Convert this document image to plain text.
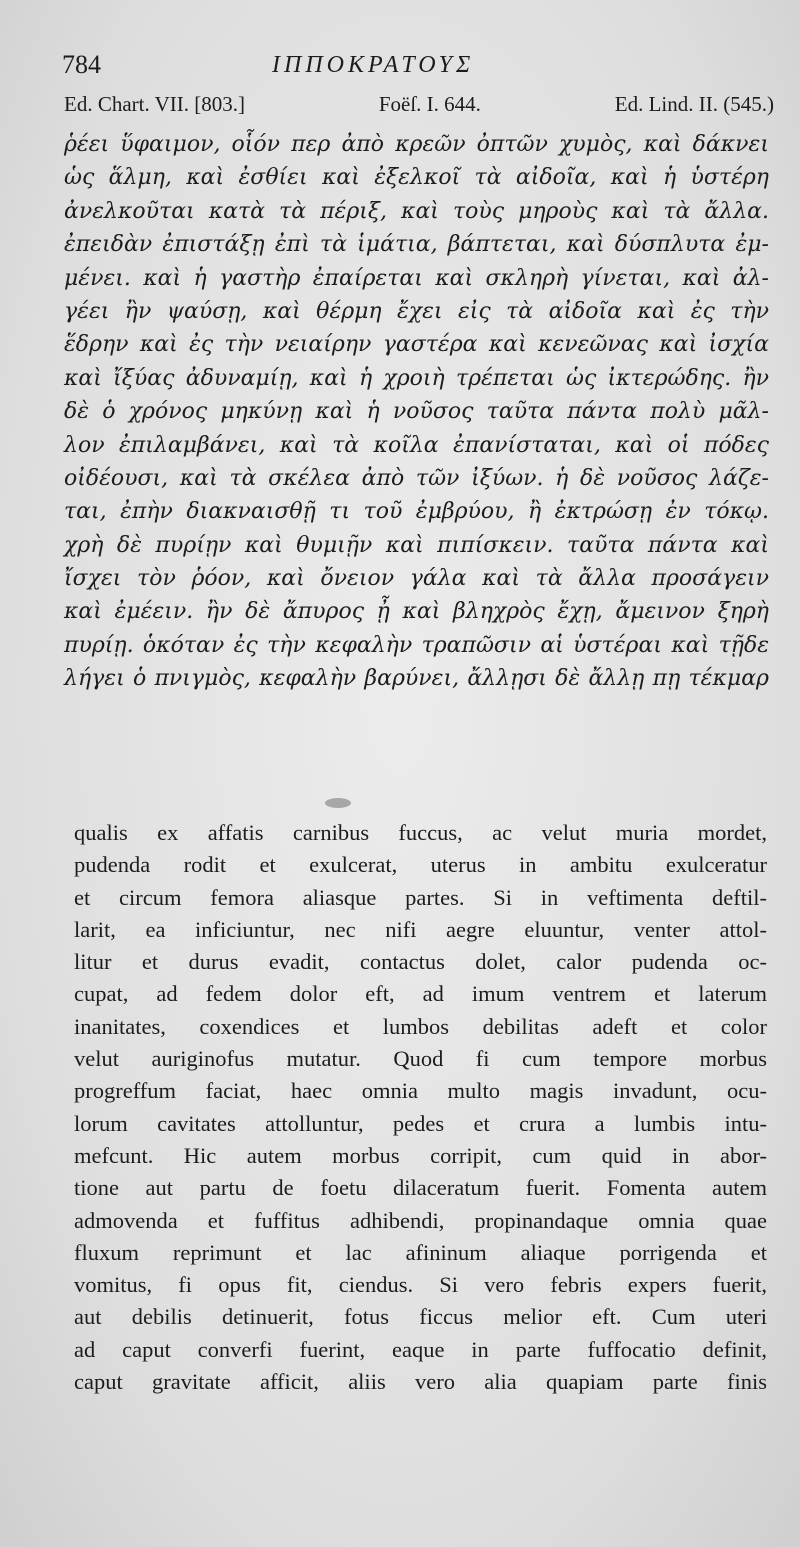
784	ΙΠΠΟΚΡΑΤΟΥΣ
Ed. Chart. VII. [803.]	Foëſ. I. 644.	Ed. Lind. II. (545.)
ῥέει ὕφαιμον, οἷόν περ ἀπὸ κρεῶν ὀπτῶν χυμὸς, καὶ δάκνει
ὡς ἅλμη, καὶ ἐσθίει καὶ ἐξελκοῖ τὰ αἰδοῖα, καὶ ἡ ὑστέρη
ἀνελκοῦται κατὰ τὰ πέριξ, καὶ τοὺς μηροὺς καὶ τὰ ἄλλα.
ἐπειδὰν ἐπιστάξῃ ἐπὶ τὰ ἱμάτια, βάπτεται, καὶ δύσπλυτα ἐμ-
μένει. καὶ ἡ γαστὴρ ἐπαίρεται καὶ σκληρὴ γίνεται, καὶ ἀλ-
γέει ἢν ψαύσῃ, καὶ θέρμη ἔχει εἰς τὰ αἰδοῖα καὶ ἐς τὴν
ἕδρην καὶ ἐς τὴν νειαίρην γαστέρα καὶ κενεῶνας καὶ ἰσχία
καὶ ἴξύας ἀδυναμίῃ, καὶ ἡ χροιὴ τρέπεται ὡς ἰκτερώδης. ἢν
δὲ ὁ χρόνος μηκύνῃ καὶ ἡ νοῦσος ταῦτα πάντα πολὺ μᾶλ-
λον ἐπιλαμβάνει, καὶ τὰ κοῖλα ἐπανίσταται, καὶ οἱ πόδες
οἰδέουσι, καὶ τὰ σκέλεα ἀπὸ τῶν ἰξύων. ἡ δὲ νοῦσος λάζε-
ται, ἐπὴν διακναισθῇ τι τοῦ ἐμβρύου, ἢ ἐκτρώσῃ ἐν τόκῳ.
χρὴ δὲ πυρίῃν καὶ θυμιῇν καὶ πιπίσκειν. ταῦτα πάντα καὶ
ἴσχει τὸν ῥόον, καὶ ὄνειον γάλα καὶ τὰ ἄλλα προσάγειν
καὶ ἐμέειν. ἢν δὲ ἄπυρος ᾖ καὶ βληχρὸς ἔχῃ, ἄμεινον ξηρὴ
πυρίῃ. ὁκόταν ἐς τὴν κεφαλὴν τραπῶσιν αἱ ὑστέραι καὶ τῇδε
λήγει ὁ πνιγμὸς, κεφαλὴν βαρύνει, ἄλλῃσι δὲ ἄλλῃ πῃ τέκμαρ
qualis ex affatis carnibus fuccus, ac velut muria mordet,
pudenda rodit et exulcerat, uterus in ambitu exulceratur
et circum femora aliasque partes. Si in veftimenta deftil-
larit, ea inficiuntur, nec nifi aegre eluuntur, venter attol-
litur et durus evadit, contactus dolet, calor pudenda oc-
cupat, ad fedem dolor eft, ad imum ventrem et laterum
inanitates, coxendices et lumbos debilitas adeft et color
velut auriginofus mutatur. Quod fi cum tempore morbus
progreffum faciat, haec omnia multo magis invadunt, ocu-
lorum cavitates attolluntur, pedes et crura a lumbis intu-
mefcunt. Hic autem morbus corripit, cum quid in abor-
tione aut partu de foetu dilaceratum fuerit. Fomenta autem
admovenda et fuffitus adhibendi, propinandaque omnia quae
fluxum reprimunt et lac afininum aliaque porrigenda et
vomitus, fi opus fit, ciendus. Si vero febris expers fuerit,
aut debilis detinuerit, fotus ficcus melior eft. Cum uteri
ad caput converfi fuerint, eaque in parte fuffocatio definit,
caput gravitate afficit, aliis vero alia quapiam parte finis
